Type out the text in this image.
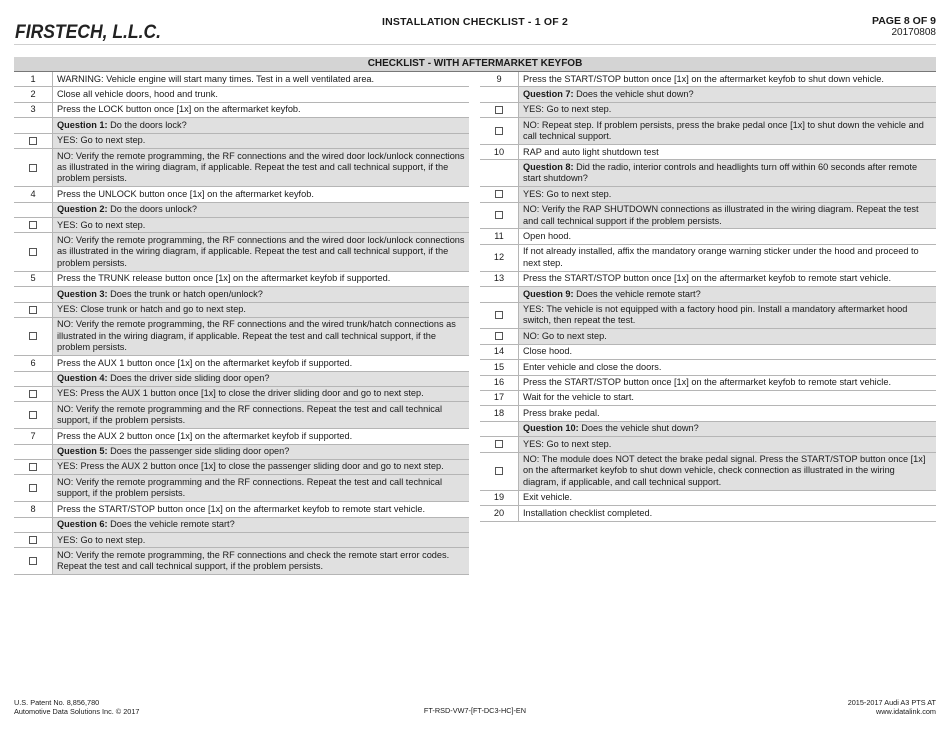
FIRSTECH, L.L.C.	INSTALLATION CHECKLIST - 1 OF 2	PAGE 8 OF 9
20170808
CHECKLIST - WITH AFTERMARKET KEYFOB
1	WARNING: Vehicle engine will start many times. Test in a well ventilated area.
2	Close all vehicle doors, hood and trunk.
3	Press the LOCK button once [1x] on the aftermarket keyfob.
	Question 1: Do the doors lock?
	YES: Go to next step.
	NO: Verify the remote programming, the RF connections and the wired door lock/unlock connections as illustrated in the wiring diagram, if applicable. Repeat the test and call technical support, if the problem persists.
4	Press the UNLOCK button once [1x] on the aftermarket keyfob.
	Question 2: Do the doors unlock?
	YES: Go to next step.
	NO: Verify the remote programming, the RF connections and the wired door lock/unlock connections as illustrated in the wiring diagram, if applicable. Repeat the test and call technical support, if the problem persists.
5	Press the TRUNK release button once [1x] on the aftermarket keyfob if supported.
	Question 3: Does the trunk or hatch open/unlock?
	YES: Close trunk or hatch and go to next step.
	NO: Verify the remote programming, the RF connections and the wired trunk/hatch connections as illustrated in the wiring diagram, if applicable. Repeat the test and call technical support, if the problem persists.
6	Press the AUX 1 button once [1x] on the aftermarket keyfob if supported.
	Question 4: Does the driver side sliding door open?
	YES: Press the AUX 1 button once [1x] to close the driver sliding door and go to next step.
	NO: Verify the remote programming and the RF connections. Repeat the test and call technical support, if the problem persists.
7	Press the AUX 2 button once [1x] on the aftermarket keyfob if supported.
	Question 5: Does the passenger side sliding door open?
	YES: Press the AUX 2 button once [1x] to close the passenger sliding door and go to next step.
	NO: Verify the remote programming and the RF connections. Repeat the test and call technical support, if the problem persists.
8	Press the START/STOP button once [1x] on the aftermarket keyfob to remote start vehicle.
	Question 6: Does the vehicle remote start?
	YES: Go to next step.
	NO: Verify the remote programming, the RF connections and check the remote start error codes. Repeat the test and call technical support, if the problem persists.
9	Press the START/STOP button once [1x] on the aftermarket keyfob to shut down vehicle.
	Question 7: Does the vehicle shut down?
	YES: Go to next step.
	NO: Repeat step. If problem persists, press the brake pedal once [1x] to shut down the vehicle and call technical support.
10	RAP and auto light shutdown test
	Question 8: Did the radio, interior controls and headlights turn off within 60 seconds after remote start shutdown?
	YES: Go to next step.
	NO: Verify the RAP SHUTDOWN connections as illustrated in the wiring diagram. Repeat the test and call technical support if the problem persists.
11	Open hood.
12	If not already installed, affix the mandatory orange warning sticker under the hood and proceed to next step.
13	Press the START/STOP button once [1x] on the aftermarket keyfob to remote start vehicle.
	Question 9: Does the vehicle remote start?
	YES: The vehicle is not equipped with a factory hood pin. Install a mandatory aftermarket hood switch, then repeat the test.
	NO: Go to next step.
14	Close hood.
15	Enter vehicle and close the doors.
16	Press the START/STOP button once [1x] on the aftermarket keyfob to remote start vehicle.
17	Wait for the vehicle to start.
18	Press brake pedal.
	Question 10: Does the vehicle shut down?
	YES: Go to next step.
	NO: The module does NOT detect the brake pedal signal. Press the START/STOP button once [1x] on the aftermarket keyfob to shut down vehicle, check connection as illustrated in the wiring diagram, if applicable, and call technical support.
19	Exit vehicle.
20	Installation checklist completed.
U.S. Patent No. 8,856,780
Automotive Data Solutions Inc. © 2017	FT-RSD-VW7-[FT-DC3-HC]-EN
2015-2017 Audi A3 PTS AT
www.idatalink.com
